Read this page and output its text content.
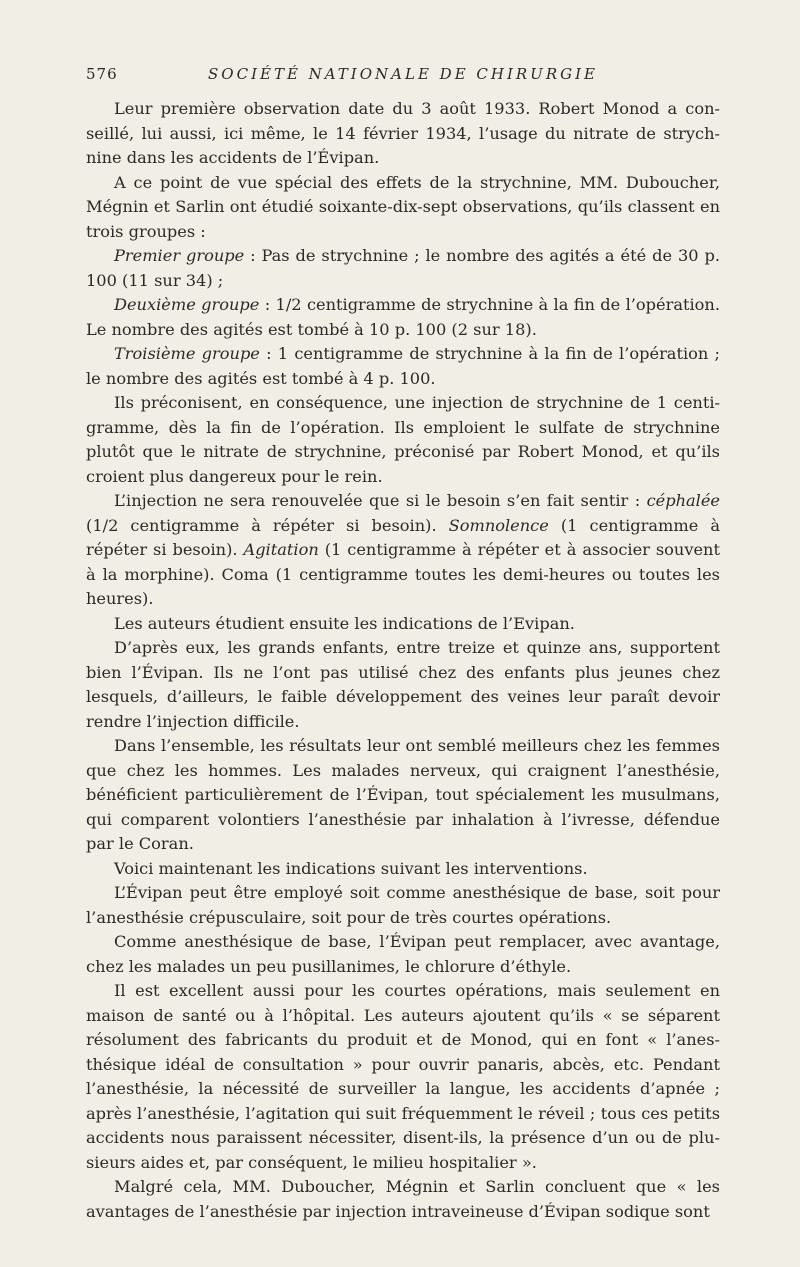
576	SOCIÉTÉ NATIONALE DE CHIRURGIE

Leur première observation date du 3 août 1933. Robert Monod a conseillé, lui aussi, ici même, le 14 février 1934, l’usage du nitrate de strychnine dans les accidents de l’Évipan.

A ce point de vue spécial des effets de la strychnine, MM. Duboucher, Mégnin et Sarlin ont étudié soixante-dix-sept observations, qu’ils classent en trois groupes :

Premier groupe : Pas de strychnine ; le nombre des agités a été de 30 p. 100 (11 sur 34) ;

Deuxième groupe : 1/2 centigramme de strychnine à la fin de l’opération. Le nombre des agités est tombé à 10 p. 100 (2 sur 18).

Troisième groupe : 1 centigramme de strychnine à la fin de l’opération ; le nombre des agités est tombé à 4 p. 100.

Ils préconisent, en conséquence, une injection de strychnine de 1 centigramme, dès la fin de l’opération. Ils emploient le sulfate de strychnine plutôt que le nitrate de strychnine, préconisé par Robert Monod, et qu’ils croient plus dangereux pour le rein.

L’injection ne sera renouvelée que si le besoin s’en fait sentir : céphalée (1/2 centigramme à répéter si besoin). Somnolence (1 centigramme à répéter si besoin). Agitation (1 centigramme à répéter et à associer souvent à la morphine). Coma (1 centigramme toutes les demi-heures ou toutes les heures).

Les auteurs étudient ensuite les indications de l’Evipan.

D’après eux, les grands enfants, entre treize et quinze ans, supportent bien l’Évipan. Ils ne l’ont pas utilisé chez des enfants plus jeunes chez lesquels, d’ailleurs, le faible développement des veines leur paraît devoir rendre l’injection difficile.

Dans l’ensemble, les résultats leur ont semblé meilleurs chez les femmes que chez les hommes. Les malades nerveux, qui craignent l’anesthésie, bénéficient particulièrement de l’Évipan, tout spécialement les musulmans, qui comparent volontiers l’anesthésie par inhalation à l’ivresse, défendue par le Coran.

Voici maintenant les indications suivant les interventions.

L’Évipan peut être employé soit comme anesthésique de base, soit pour l’anesthésie crépusculaire, soit pour de très courtes opérations.

Comme anesthésique de base, l’Évipan peut remplacer, avec avantage, chez les malades un peu pusillanimes, le chlorure d’éthyle.

Il est excellent aussi pour les courtes opérations, mais seulement en maison de santé ou à l’hôpital. Les auteurs ajoutent qu’ils « se séparent résolument des fabricants du produit et de Monod, qui en font « l’anesthésique idéal de consultation » pour ouvrir panaris, abcès, etc. Pendant l’anesthésie, la nécessité de surveiller la langue, les accidents d’apnée ; après l’anesthésie, l’agitation qui suit fréquemment le réveil ; tous ces petits accidents nous paraissent nécessiter, disent-ils, la présence d’un ou de plusieurs aides et, par conséquent, le milieu hospitalier ».

Malgré cela, MM. Duboucher, Mégnin et Sarlin concluent que « les avantages de l’anesthésie par injection intraveineuse d’Évipan sodique sont
